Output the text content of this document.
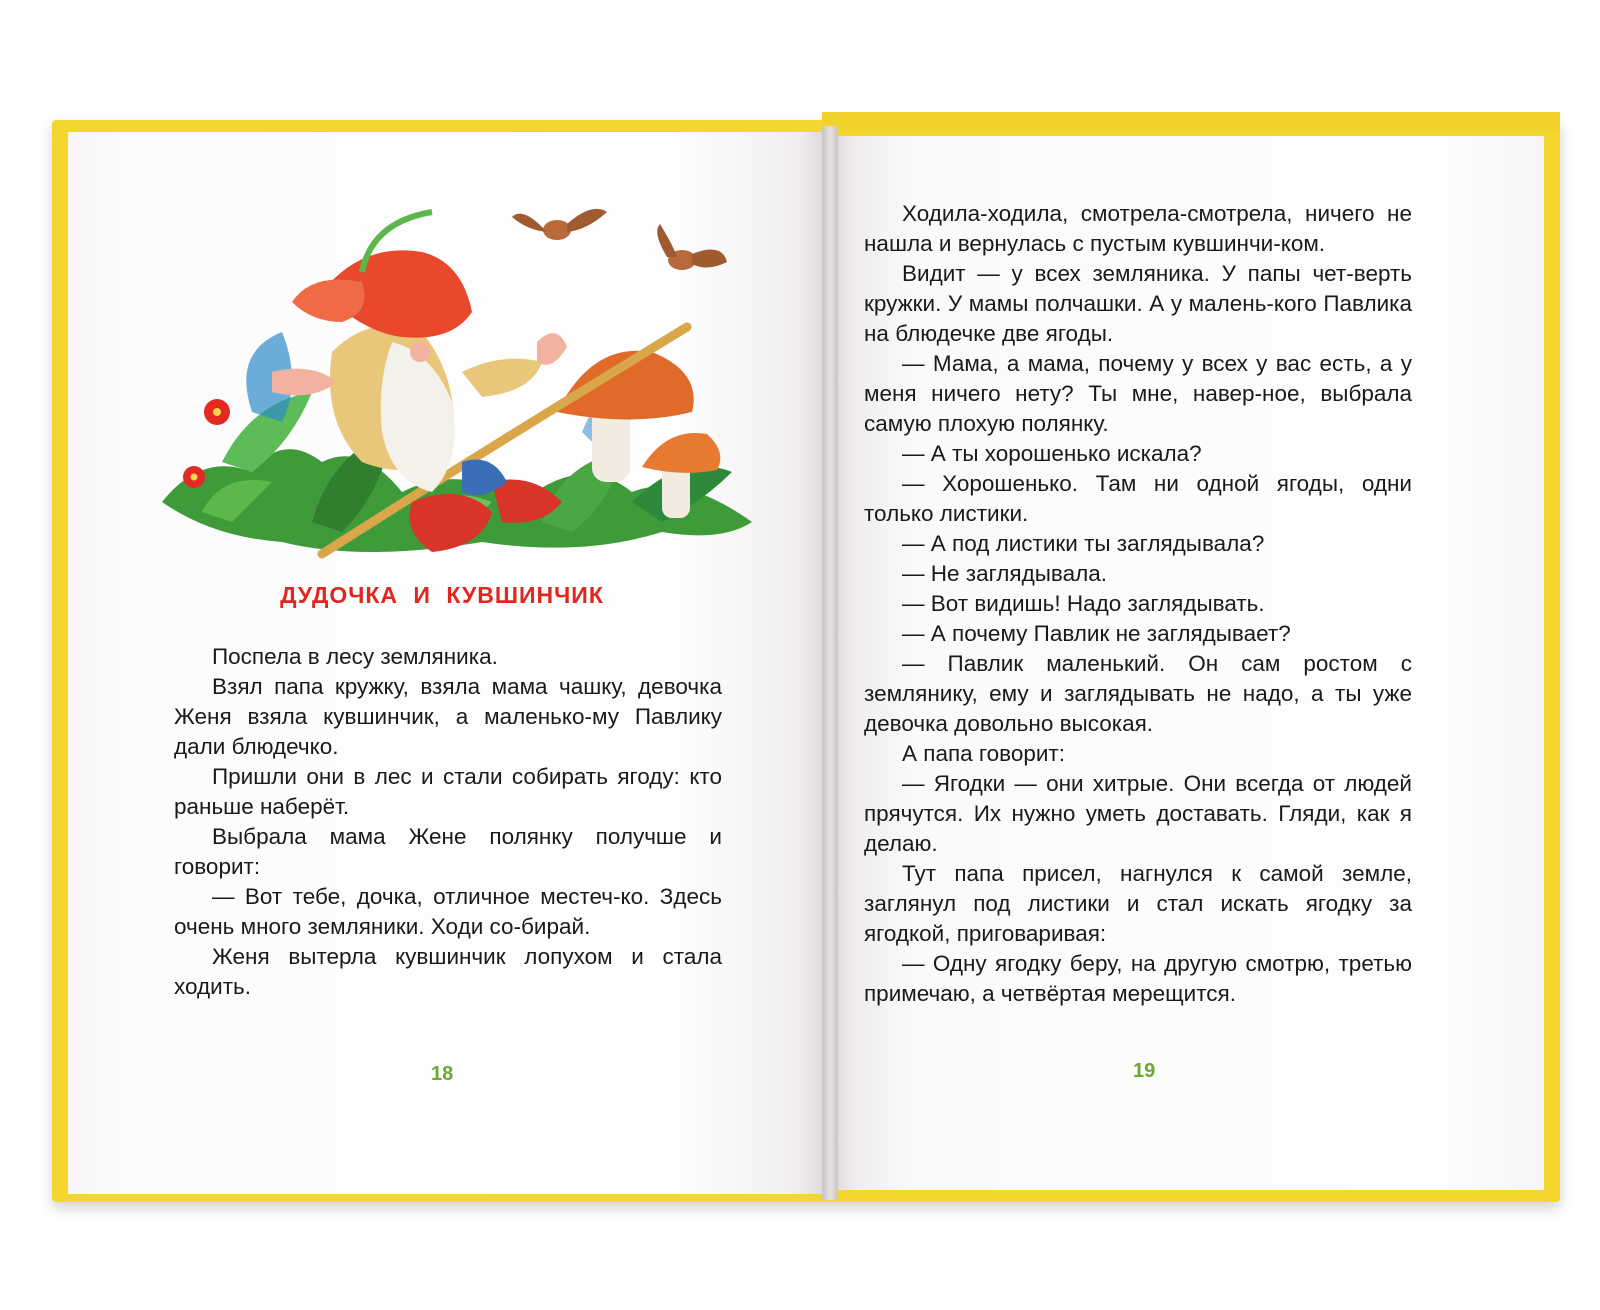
ДУДОЧКА И КУВШИНЧИК

Поспела в лесу земляника.

Взял папа кружку, взяла мама чашку, девочка Женя взяла кувшинчик, а маленько-му Павлику дали блюдечко.

Пришли они в лес и стали собирать ягоду: кто раньше наберёт.

Выбрала мама Жене полянку получше и говорит:

— Вот тебе, дочка, отличное местеч-ко. Здесь очень много земляники. Ходи со-бирай.

Женя вытерла кувшинчик лопухом и стала ходить.

Ходила-ходила, смотрела-смотрела, ничего не нашла и вернулась с пустым кувшинчи-ком.

Видит — у всех земляника. У папы чет-верть кружки. У мамы полчашки. А у малень-кого Павлика на блюдечке две ягоды.

— Мама, а мама, почему у всех у вас есть, а у меня ничего нету? Ты мне, навер-ное, выбрала самую плохую полянку.

— А ты хорошенько искала?

— Хорошенько. Там ни одной ягоды, одни только листики.

— А под листики ты заглядывала?

— Не заглядывала.

— Вот видишь! Надо заглядывать.

— А почему Павлик не заглядывает?

— Павлик маленький. Он сам ростом с землянику, ему и заглядывать не надо, а ты уже девочка довольно высокая.

А папа говорит:

— Ягодки — они хитрые. Они всегда от людей прячутся. Их нужно уметь доставать. Гляди, как я делаю.

Тут папа присел, нагнулся к самой земле, заглянул под листики и стал искать ягодку за ягодкой, приговаривая:

— Одну ягодку беру, на другую смотрю, третью примечаю, а четвёртая мерещится.

18	19
